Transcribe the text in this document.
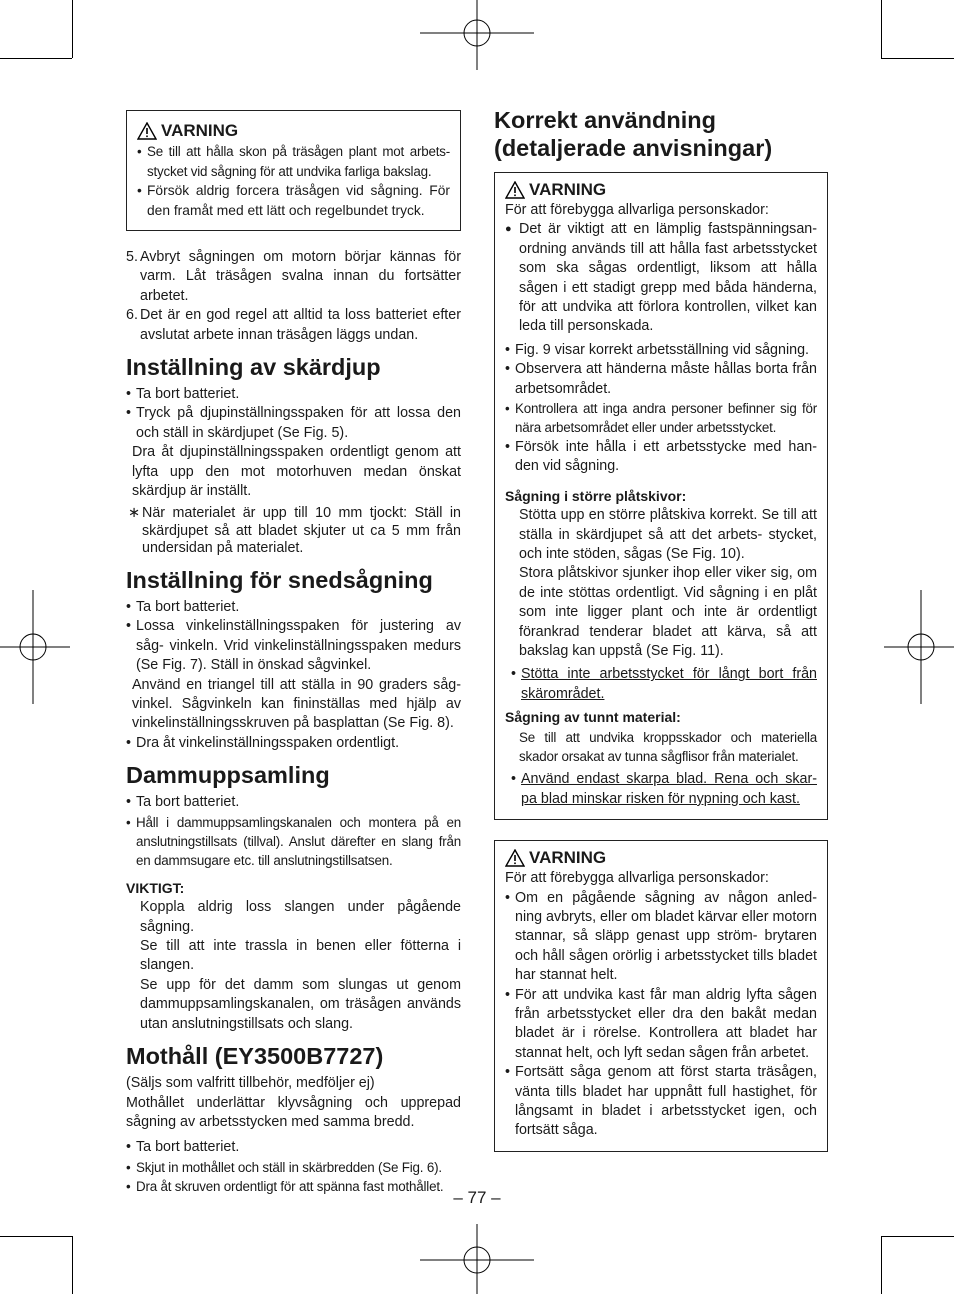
VARNING
• Se till att hålla skon på träsågen plant mot arbets- stycket vid sågning för att undvika farliga bakslag.
• Försök aldrig forcera träsågen vid sågning. För den framåt med ett lätt och regelbundet tryck.
5. Avbryt sågningen om motorn börjar kännas för varm. Låt träsågen svalna innan du fortsätter arbetet.
6. Det är en god regel att alltid ta loss batteriet efter avslutat arbete innan träsågen läggs undan.
Inställning av skärdjup
• Ta bort batteriet.
• Tryck på djupinställningsspaken för att lossa den och ställ in skärdjupet (Se Fig. 5).
Dra åt djupinställningsspaken ordentligt genom att lyfta upp den mot motorhuven medan önskat skärdjup är inställt.
∗ När materialet är upp till 10 mm tjockt: Ställ in skärdjupet så att bladet skjuter ut ca 5 mm från undersidan på materialet.
Inställning för snedsågning
• Ta bort batteriet.
• Lossa vinkelinställningsspaken för justering av såg- vinkeln. Vrid vinkelinställningsspaken medurs (Se Fig. 7). Ställ in önskad sågvinkel.
Använd en triangel till att ställa in 90 graders såg- vinkel. Sågvinkeln kan fininställas med hjälp av vinkelinställningsskruven på basplattan (Se Fig. 8).
• Dra åt vinkelinställningsspaken ordentligt.
Dammuppsamling
• Ta bort batteriet.
• Håll i dammuppsamlingskanalen och montera på en anslutningstillsats (tillval). Anslut därefter en slang från en dammsugare etc. till anslutningstillsatsen.
VIKTIGT:
Koppla aldrig loss slangen under pågående sågning.
Se till att inte trassla in benen eller fötterna i slangen.
Se upp för det damm som slungas ut genom dammuppsamlingskanalen, om träsågen används utan anslutningstillsats och slang.
Mothåll (EY3500B7727)
(Säljs som valfritt tillbehör, medföljer ej)
Mothållet underlättar klyvsågning och upprepad sågning av arbetsstycken med samma bredd.
• Ta bort batteriet.
• Skjut in mothållet och ställ in skärbredden (Se Fig. 6).
• Dra åt skruven ordentligt för att spänna fast mothållet.
Korrekt användning (detaljerade anvisningar)
VARNING
För att förebygga allvarliga personskador:
● Det är viktigt att en lämplig fastspänningsan- ordning används till att hålla fast arbetsstycket som ska sågas ordentligt, liksom att hålla sågen i ett stadigt grepp med båda händerna, för att undvika att förlora kontrollen, vilket kan leda till personskada.
• Fig. 9 visar korrekt arbetsställning vid sågning.
• Observera att händerna måste hållas borta från arbetsområdet.
• Kontrollera att inga andra personer befinner sig för nära arbetsområdet eller under arbetsstycket.
• Försök inte hålla i ett arbetsstycke med han- den vid sågning.
Sågning i större plåtskivor:
Stötta upp en större plåtskiva korrekt. Se till att ställa in skärdjupet så att det arbets- stycket, och inte stöden, sågas (Se Fig. 10).
Stora plåtskivor sjunker ihop eller viker sig, om de inte stöttas ordentligt. Vid sågning i en plåt som inte ligger plant och inte är ordentligt förankrad tenderar bladet att kärva, så att bakslag kan uppstå (Se Fig. 11).
• Stötta inte arbetsstycket för långt bort från skärområdet.
Sågning av tunnt material:
Se till att undvika kroppsskador och materiella skador orsakat av tunna sågflisor från materialet.
• Använd endast skarpa blad. Rena och skar- pa blad minskar risken för nypning och kast.
VARNING
För att förebygga allvarliga personskador:
• Om en pågående sågning av någon anled- ning avbryts, eller om bladet kärvar eller motorn stannar, så släpp genast upp ström- brytaren och håll sågen orörlig i arbetsstycket tills bladet har stannat helt.
• För att undvika kast får man aldrig lyfta sågen från arbetsstycket eller dra den bakåt medan bladet är i rörelse. Kontrollera att bladet har stannat helt, och lyft sedan sågen från arbetet.
• Fortsätt såga genom att först starta träsågen, vänta tills bladet har uppnått full hastighet, för långsamt in bladet i arbetsstycket igen, och fortsätt såga.
– 77 –
